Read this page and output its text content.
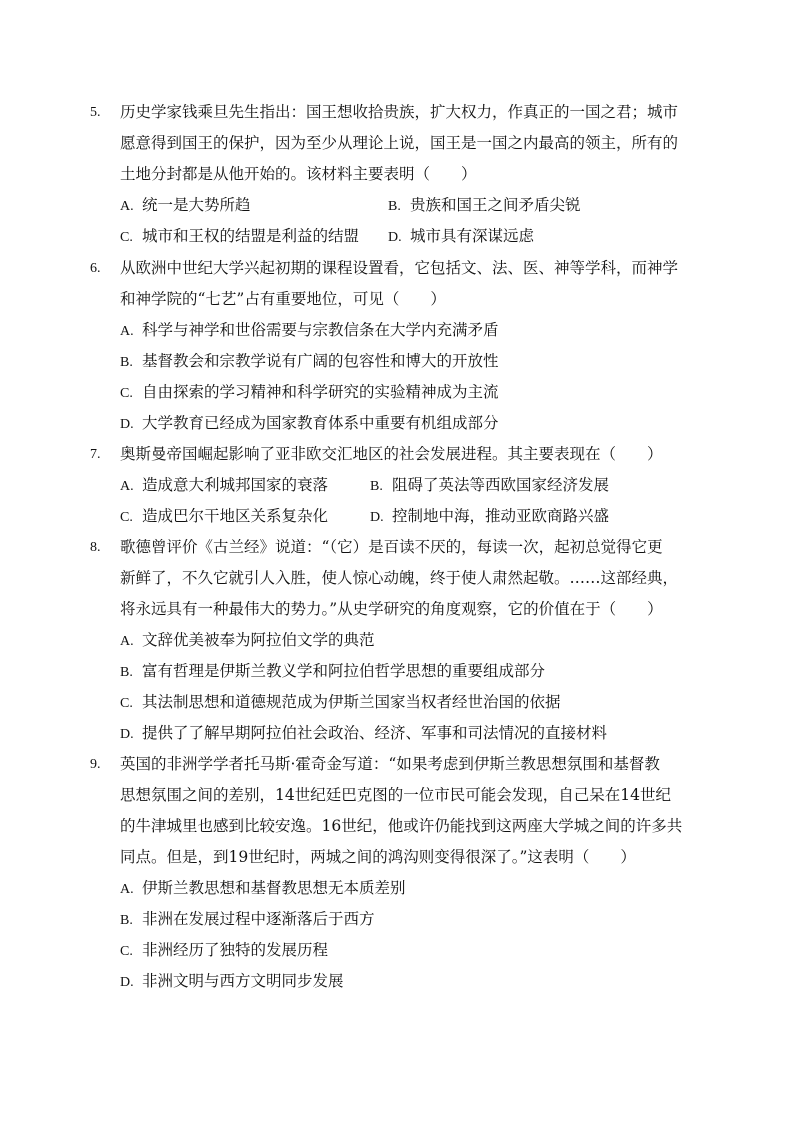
5. 历史学家钱乘旦先生指出：国王想收拾贵族，扩大权力，作真正的一国之君；城市
愿意得到国王的保护，因为至少从理论上说，国王是一国之内最高的领主，所有的
土地分封都是从他开始的。该材料主要表明（　　）
A. 统一是大势所趋	B. 贵族和国王之间矛盾尖锐
C. 城市和王权的结盟是利益的结盟 D. 城市具有深谋远虑
6. 从欧洲中世纪大学兴起初期的课程设置看，它包括文、法、医、神等学科，而神学
和神学院的“七艺”占有重要地位，可见（　　）
A. 科学与神学和世俗需要与宗教信条在大学内充满矛盾
B. 基督教会和宗教学说有广阔的包容性和博大的开放性
C. 自由探索的学习精神和科学研究的实验精神成为主流
D. 大学教育已经成为国家教育体系中重要有机组成部分
7. 奥斯曼帝国崛起影响了亚非欧交汇地区的社会发展进程。其主要表现在（　　）
A. 造成意大利城邦国家的衰落	B. 阻碍了英法等西欧国家经济发展
C. 造成巴尔干地区关系复杂化	D. 控制地中海，推动亚欧商路兴盛
8. 歌德曾评价《古兰经》说道：“（它）是百读不厌的，每读一次，起初总觉得它更
新鲜了，不久它就引人入胜，使人惊心动魄，终于使人肃然起敬。……这部经典，
将永远具有一种最伟大的势力。”从史学研究的角度观察，它的价值在于（　　）
A. 文辞优美被奉为阿拉伯文学的典范
B. 富有哲理是伊斯兰教义学和阿拉伯哲学思想的重要组成部分
C. 其法制思想和道德规范成为伊斯兰国家当权者经世治国的依据
D. 提供了了解早期阿拉伯社会政治、经济、军事和司法情况的直接材料
9. 英国的非洲学学者托马斯·霍奇金写道：“如果考虑到伊斯兰教思想氛围和基督教
思想氛围之间的差别，14世纪廷巴克图的一位市民可能会发现，自己呆在14世纪
的牛津城里也感到比较安逸。16世纪，他或许仍能找到这两座大学城之间的许多共
同点。但是，到19世纪时，两城之间的鸿沟则变得很深了。”这表明（　　）
A. 伊斯兰教思想和基督教思想无本质差别
B. 非洲在发展过程中逐渐落后于西方
C. 非洲经历了独特的发展历程
D. 非洲文明与西方文明同步发展
